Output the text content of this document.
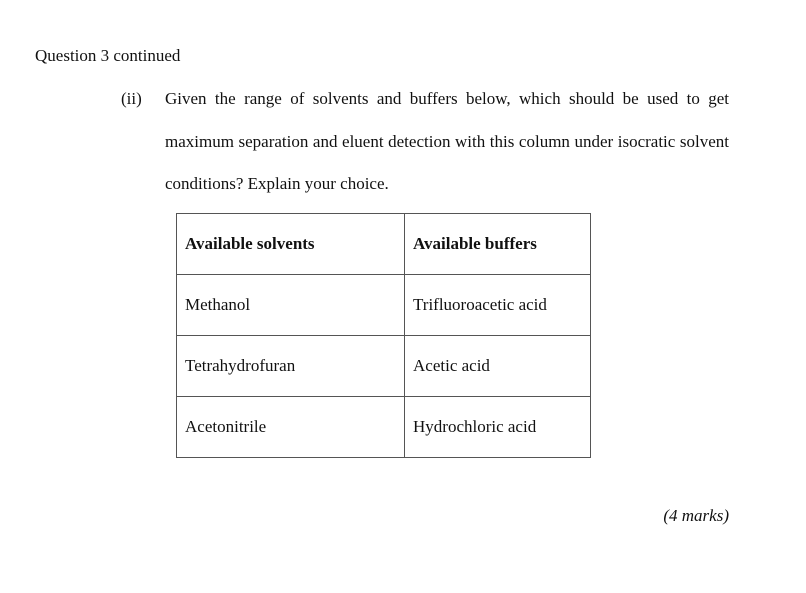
Question 3 continued
(ii) Given the range of solvents and buffers below, which should be used to get maximum separation and eluent detection with this column under isocratic solvent conditions? Explain your choice.

Available solvents	Available buffers
Methanol	Trifluoroacetic acid
Tetrahydrofuran	Acetic acid
Acetonitrile	Hydrochloric acid
(4 marks)
